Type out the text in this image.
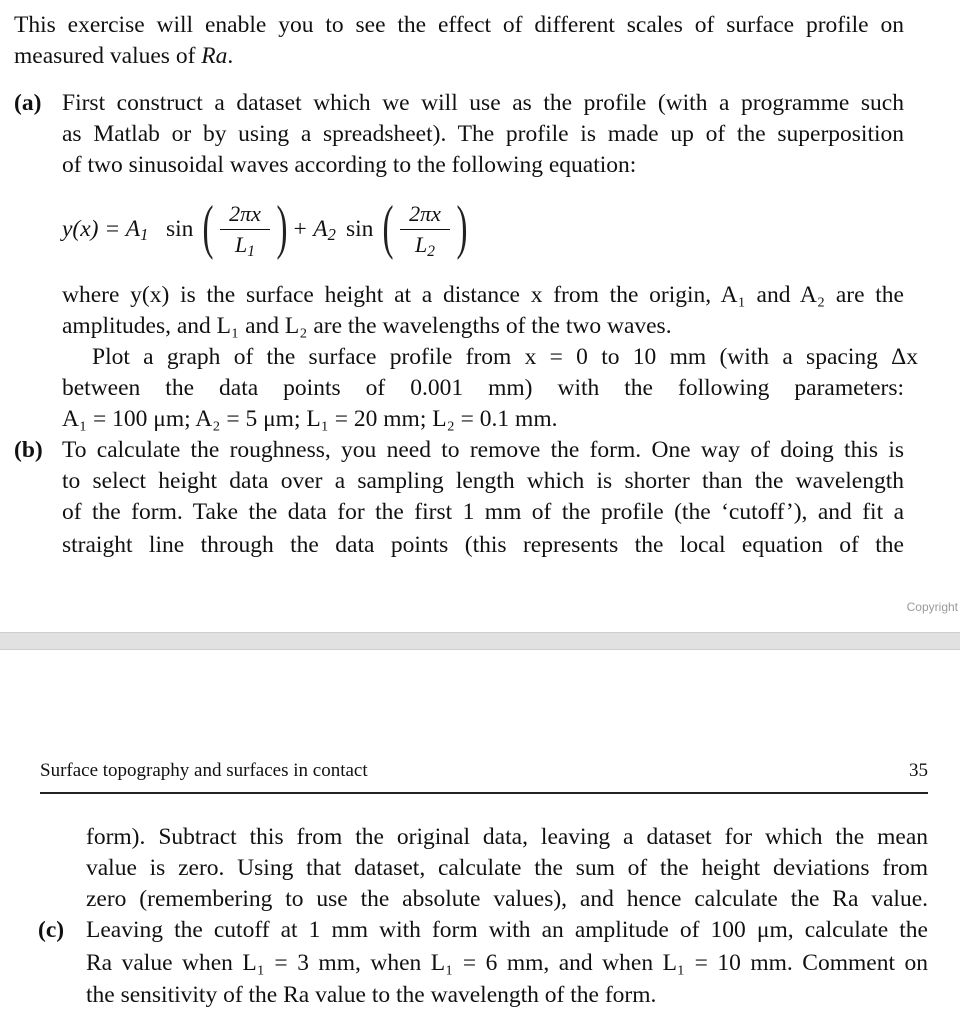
This exercise will enable you to see the effect of different scales of surface profile on
measured values of Ra.
(a) First construct a dataset which we will use as the profile (with a programme such
as Matlab or by using a spreadsheet). The profile is made up of the superposition
of two sinusoidal waves according to the following equation:
$y(x) = A_1$ sin ( 2πx
$L_1$ ) + $A_2$ sin ( 2πx
$L_2$ )
where y(x) is the surface height at a distance x from the origin, A₁ and A₂ are the
amplitudes, and L₁ and L₂ are the wavelengths of the two waves.
Plot a graph of the surface profile from x = 0 to 10 mm (with a spacing Δx
between the data points of 0.001 mm) with the following parameters:
A₁ = 100 μm; A₂ = 5 μm; L₁ = 20 mm; L₂ = 0.1 mm.
(b) To calculate the roughness, you need to remove the form. One way of doing this is
to select height data over a sampling length which is shorter than the wavelength
of the form. Take the data for the first 1 mm of the profile (the ‘cutoff’), and fit a
straight line through the data points (this represents the local equation of the
Copyright
Surface topography and surfaces in contact	35
form). Subtract this from the original data, leaving a dataset for which the mean
value is zero. Using that dataset, calculate the sum of the height deviations from
zero (remembering to use the absolute values), and hence calculate the Ra value.
(c) Leaving the cutoff at 1 mm with form with an amplitude of 100 μm, calculate the
Ra value when L₁ = 3 mm, when L₁ = 6 mm, and when L₁ = 10 mm. Comment on
the sensitivity of the Ra value to the wavelength of the form.
